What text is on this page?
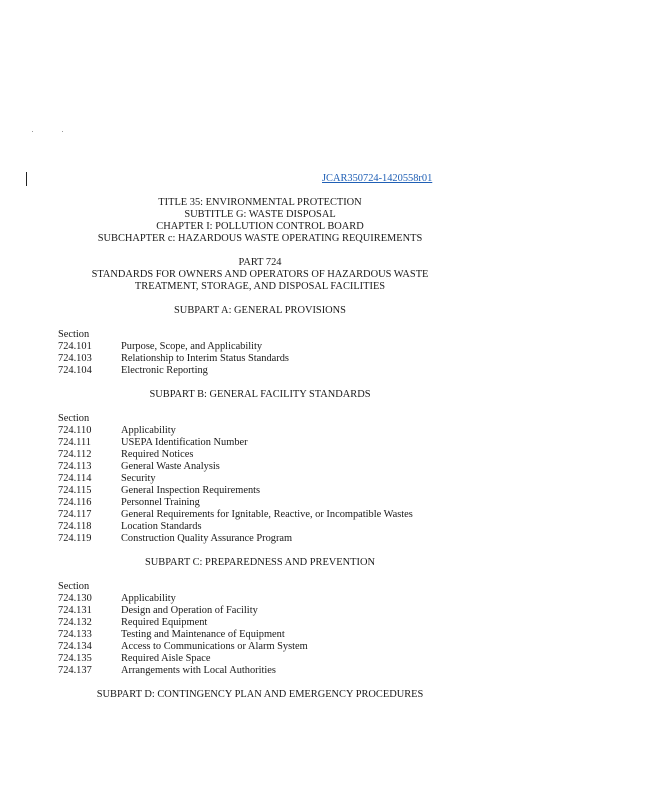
JCAR350724-1420558r01
TITLE 35: ENVIRONMENTAL PROTECTION
SUBTITLE G: WASTE DISPOSAL
CHAPTER I: POLLUTION CONTROL BOARD
SUBCHAPTER c: HAZARDOUS WASTE OPERATING REQUIREMENTS
PART 724
STANDARDS FOR OWNERS AND OPERATORS OF HAZARDOUS WASTE
TREATMENT, STORAGE, AND DISPOSAL FACILITIES
SUBPART A: GENERAL PROVISIONS
Section
724.101	Purpose, Scope, and Applicability
724.103	Relationship to Interim Status Standards
724.104	Electronic Reporting
SUBPART B: GENERAL FACILITY STANDARDS
Section
724.110	Applicability
724.111	USEPA Identification Number
724.112	Required Notices
724.113	General Waste Analysis
724.114	Security
724.115	General Inspection Requirements
724.116	Personnel Training
724.117	General Requirements for Ignitable, Reactive, or Incompatible Wastes
724.118	Location Standards
724.119	Construction Quality Assurance Program
SUBPART C: PREPAREDNESS AND PREVENTION
Section
724.130	Applicability
724.131	Design and Operation of Facility
724.132	Required Equipment
724.133	Testing and Maintenance of Equipment
724.134	Access to Communications or Alarm System
724.135	Required Aisle Space
724.137	Arrangements with Local Authorities
SUBPART D: CONTINGENCY PLAN AND EMERGENCY PROCEDURES
